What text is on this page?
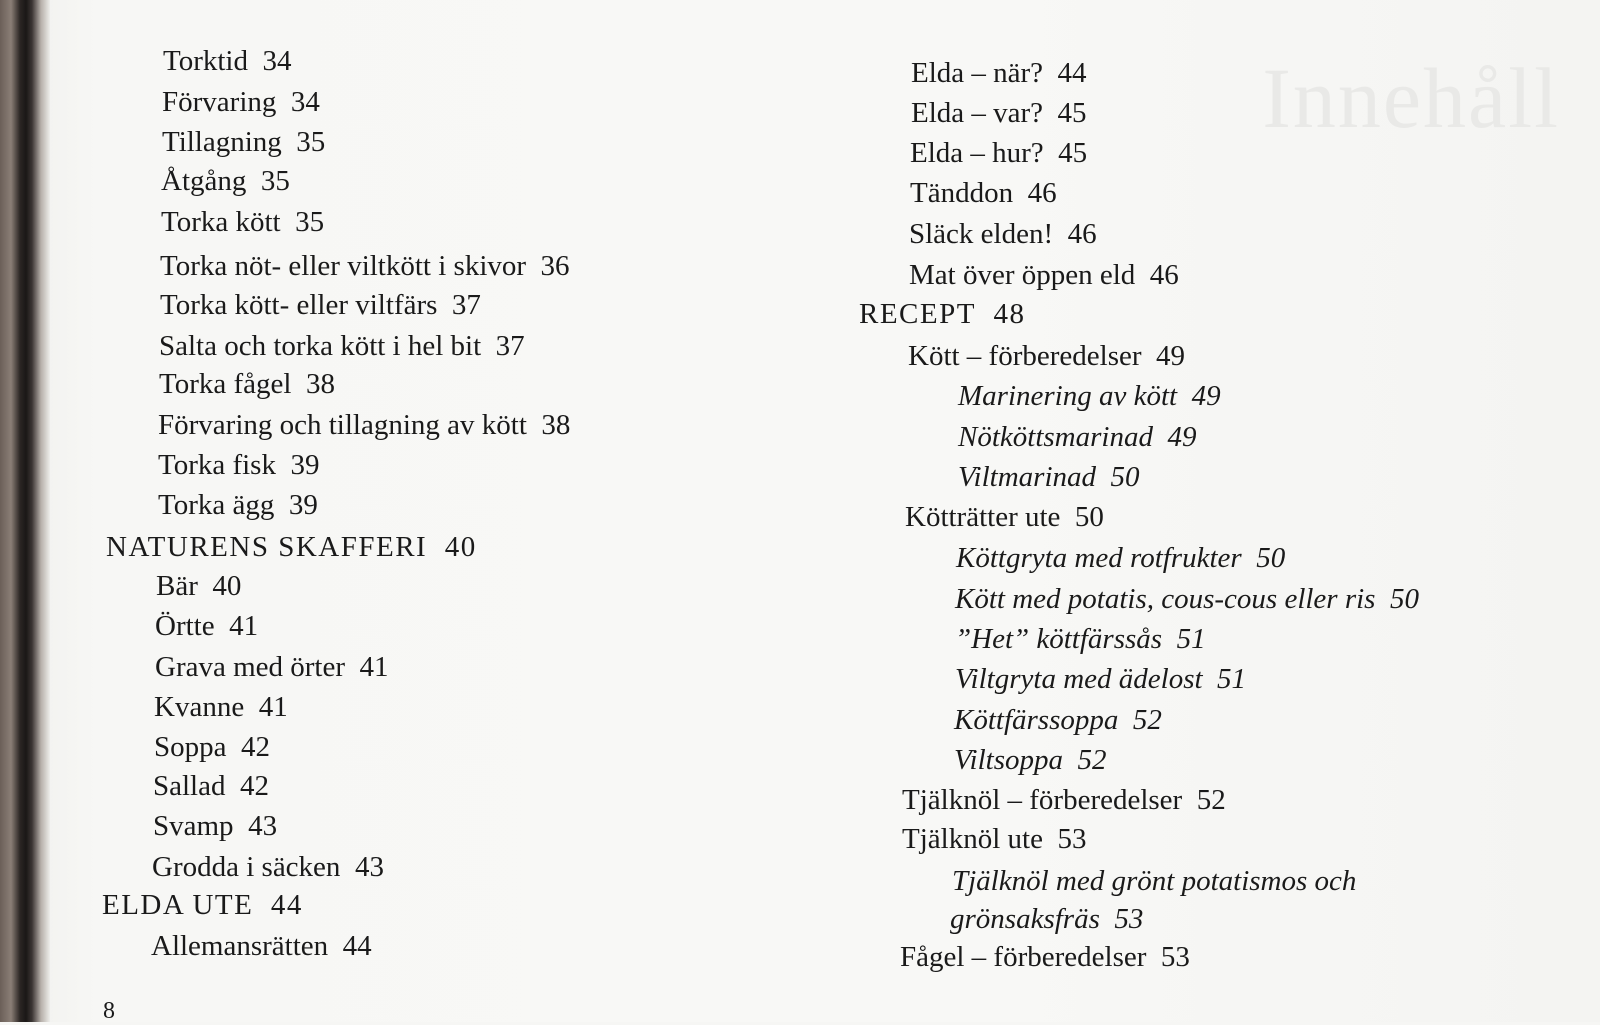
Innehåll
Torktid 34
Förvaring 34
Tillagning 35
Åtgång 35
Torka kött 35
Torka nöt- eller viltkött i skivor 36
Torka kött- eller viltfärs 37
Salta och torka kött i hel bit 37
Torka fågel 38
Förvaring och tillagning av kött 38
Torka fisk 39
Torka ägg 39
NATURENS SKAFFERI 40
Bär 40
Örtte 41
Grava med örter 41
Kvanne 41
Soppa 42
Sallad 42
Svamp 43
Grodda i säcken 43
ELDA UTE 44
Allemansrätten 44
Elda – när? 44
Elda – var? 45
Elda – hur? 45
Tänddon 46
Släck elden! 46
Mat över öppen eld 46
RECEPT 48
Kött – förberedelser 49
Marinering av kött 49
Nötköttsmarinad 49
Viltmarinad 50
Kötträtter ute 50
Köttgryta med rotfrukter 50
Kött med potatis, cous-cous eller ris 50
”Het” köttfärssås 51
Viltgryta med ädelost 51
Köttfärssoppa 52
Viltsoppa 52
Tjälknöl – förberedelser 52
Tjälknöl ute 53
Tjälknöl med grönt potatismos och
grönsaksfräs 53
Fågel – förberedelser 53
8
